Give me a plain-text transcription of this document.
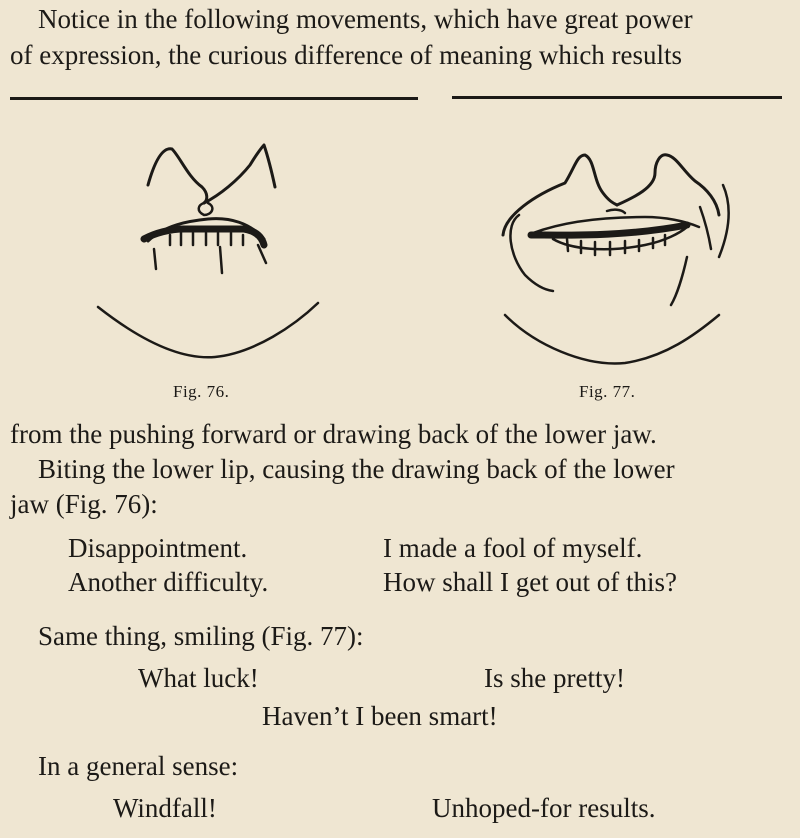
Notice in the following movements, which have great power
of expression, the curious difference of meaning which results
Fig. 76.	Fig. 77.
from the pushing forward or drawing back of the lower jaw.
Biting the lower lip, causing the drawing back of the lower
jaw (Fig. 76):
Disappointment.	I made a fool of myself.
Another difficulty.	How shall I get out of this?
Same thing, smiling (Fig. 77):
What luck!	Is she pretty!
Haven’t I been smart!
In a general sense:
Windfall!	Unhoped-for results.
